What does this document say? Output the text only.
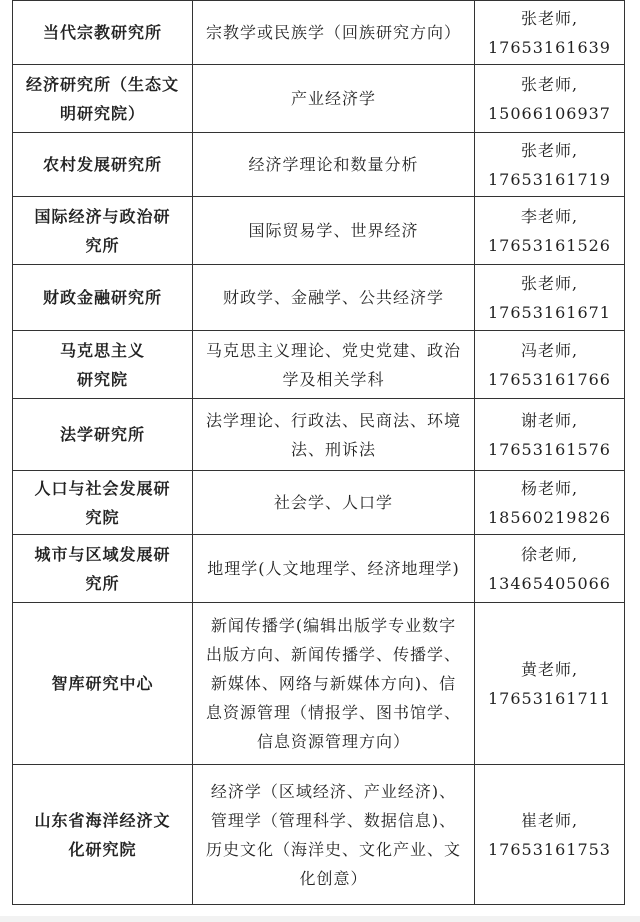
当代宗教研究所	宗教学或民族学（回族研究方向）	张老师,
17653161639

经济研究所（生态文
明研究院）	产业经济学	张老师,
15066106937

农村发展研究所	经济学理论和数量分析	张老师,
17653161719

国际经济与政治研
究所	国际贸易学、世界经济	李老师,
17653161526

财政金融研究所	财政学、金融学、公共经济学	张老师,
17653161671

马克思主义
研究院	马克思主义理论、党史党建、政治
学及相关学科	冯老师,
17653161766

法学研究所	法学理论、行政法、民商法、环境
法、刑诉法	谢老师,
17653161576

人口与社会发展研
究院	社会学、人口学	杨老师,
18560219826

城市与区域发展研
究所	地理学(人文地理学、经济地理学)	徐老师,
13465405066

智库研究中心	新闻传播学(编辑出版学专业数字
出版方向、新闻传播学、传播学、
新媒体、网络与新媒体方向)、信
息资源管理（情报学、图书馆学、
信息资源管理方向）	黄老师,
17653161711

山东省海洋经济文
化研究院	经济学（区域经济、产业经济)、
管理学（管理科学、数据信息)、
历史文化（海洋史、文化产业、文
化创意）	崔老师,
17653161753
